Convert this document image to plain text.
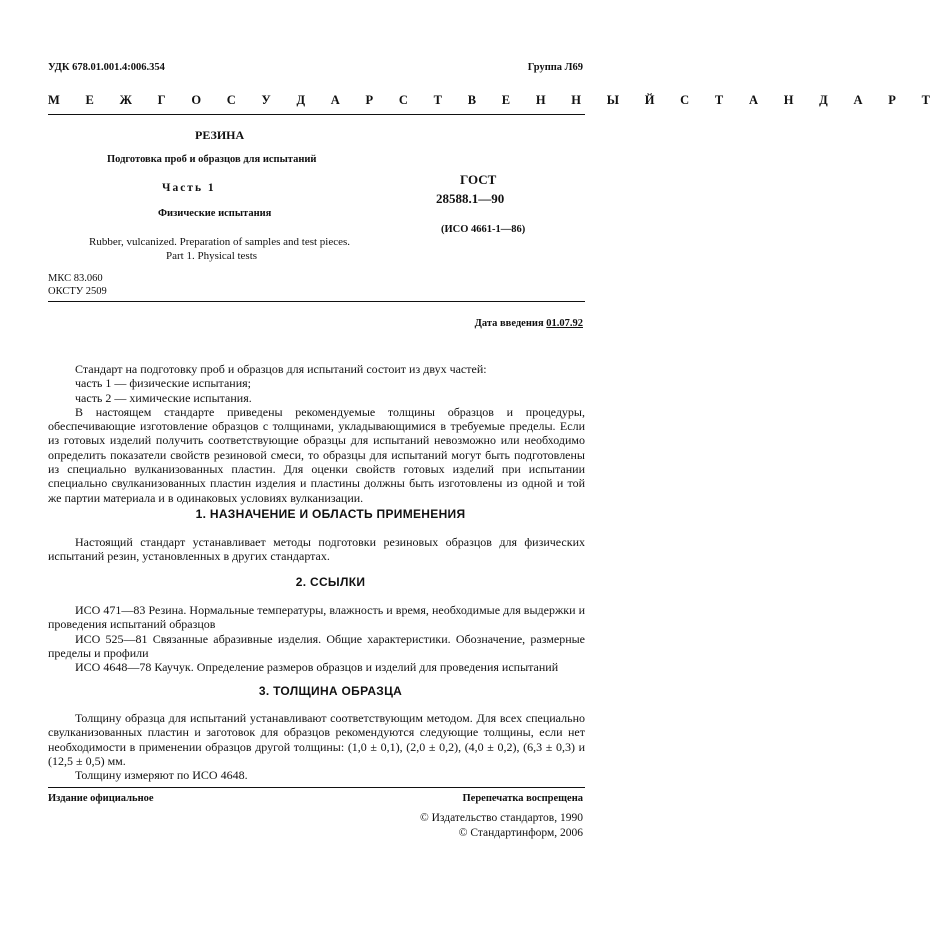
УДК 678.01.001.4:006.354	Группа Л69
М Е Ж Г О С У Д А Р С Т В Е Н Н Ы Й С Т А Н Д А Р Т
РЕЗИНА
Подготовка проб и образцов для испытаний
Часть 1
Физические испытания
Rubber, vulcanized. Preparation of samples and test pieces.
Part 1. Physical tests
ГОСТ
28588.1—90
(ИСО 4661-1—86)
МКС 83.060
ОКСТУ 2509
Дата введения 01.07.92

Стандарт на подготовку проб и образцов для испытаний состоит из двух частей:

часть 1 — физические испытания;

часть 2 — химические испытания.

В настоящем стандарте приведены рекомендуемые толщины образцов и процедуры, обеспечивающие изготовление образцов с толщинами, укладывающимися в требуемые пределы. Если из готовых изделий получить соответствующие образцы для испытаний невозможно или необходимо определить показатели свойств резиновой смеси, то образцы для испытаний могут быть подготовлены из специально вулканизованных пластин. Для оценки свойств готовых изделий при испытании специально свулканизованных пластин изделия и пластины должны быть изготовлены из одной и той же партии материала и в одинаковых условиях вулканизации.

1. НАЗНАЧЕНИЕ И ОБЛАСТЬ ПРИМЕНЕНИЯ

Настоящий стандарт устанавливает методы подготовки резиновых образцов для физических испытаний резин, установленных в других стандартах.

2. ССЫЛКИ

ИСО 471—83 Резина. Нормальные температуры, влажность и время, необходимые для выдержки и проведения испытаний образцов

ИСО 525—81 Связанные абразивные изделия. Общие характеристики. Обозначение, размерные пределы и профили

ИСО 4648—78 Каучук. Определение размеров образцов и изделий для проведения испытаний

3. ТОЛЩИНА ОБРАЗЦА

Толщину образца для испытаний устанавливают соответствующим методом. Для всех специально свулканизованных пластин и заготовок для образцов рекомендуются следующие толщины, если нет необходимости в применении образцов другой толщины: (1,0 ± 0,1), (2,0 ± 0,2), (4,0 ± 0,2), (6,3 ± 0,3) и (12,5 ± 0,5) мм.

Толщину измеряют по ИСО 4648.

Издание официальное	Перепечатка воспрещена
© Издательство стандартов, 1990
© Стандартинформ, 2006
